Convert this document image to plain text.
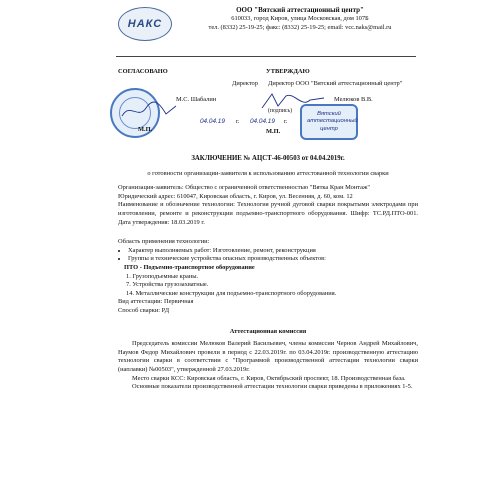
НАКС
ООО "Вятский аттестационный центр"
610033, город Киров, улица Московская, дом 107Б
тел. (8332) 25-19-25; факс: (8332) 25-19-25; email: vcc.naks@mail.ru
СОГЛАСОВАНО	УТВЕРЖДАЮ
Директор Директор ООО "Вятский аттестационный центр"
М.С. Шабалин
М.П.
04.04.19 г.
Мелюков В.В.
(подпись)	Вятский аттестационный центр
04.04.19 г.
М.П.
ЗАКЛЮЧЕНИЕ № АЦСТ-46-00503 от 04.04.2019г.
о готовности организации-заявителя к использованию аттестованной технологии сварки
Организация-заявитель: Общество с ограниченной ответственностью "Вятка Кран Монтаж"
Юридический адрес: 610047, Кировская область, г. Киров, ул. Весенняя, д. 60, ком. 12
Наименование и обозначение технологии: Технология ручной дуговой сварки покрытыми электродами при изготовлении, ремонте и реконструкции подъемно-транспортного оборудования. Шифр: ТС.РД.ПТО-001. Дата утверждения: 18.03.2019 г.
Область применения технологии:
• Характер выполняемых работ: Изготовление, ремонт, реконструкция
• Группы и технические устройства опасных производственных объектов:
ПТО - Подъемно-транспортное оборудование
1. Грузоподъемные краны.
7. Устройства грузозахватные.
14. Металлические конструкции для подъемно-транспортного оборудования.
Вид аттестации: Первичная
Способ сварки: РД
Аттестационная комиссия
Председатель комиссии Мелюков Валерий Васильевич, члены комиссии Чернов Андрей Михайлович, Наумов Федор Михайлович провели в период с 22.03.2019г. по 03.04.2019г. производственную аттестацию технологии сварки в соответствии с "Программой производственной аттестации технологии сварки (наплавки) №00503", утвержденной 27.03.2019г.
Место сварки КСС: Кировская область, г. Киров, Октябрьский проспект, 18. Производственная база.
Основные показатели производственной аттестации технологии сварки приведены в приложениях 1-5.
